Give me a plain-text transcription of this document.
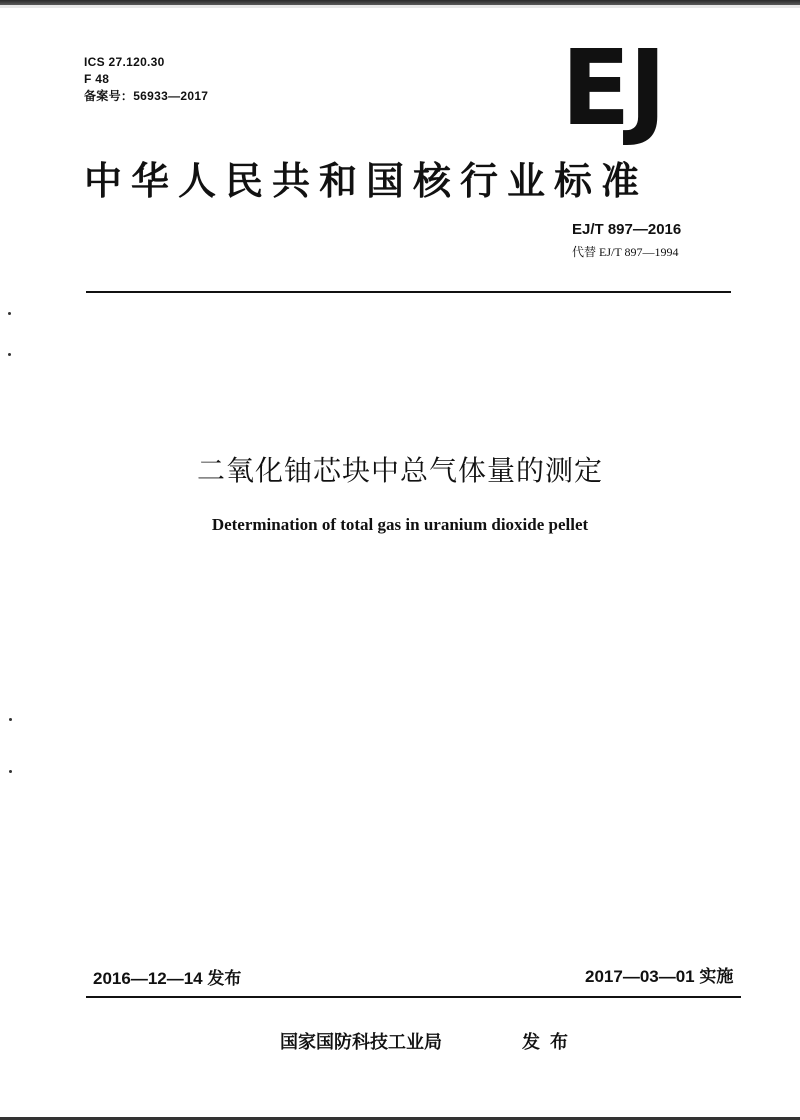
ICS 27.120.30
F 48
备案号：56933—2017	EJ
中华人民共和国核行业标准
EJ/T 897—2016
代替 EJ/T 897—1994
二氧化铀芯块中总气体量的测定
Determination of total gas in uranium dioxide pellet
2016—12—14 发布	2017—03—01 实施
国家国防科技工业局	发布
